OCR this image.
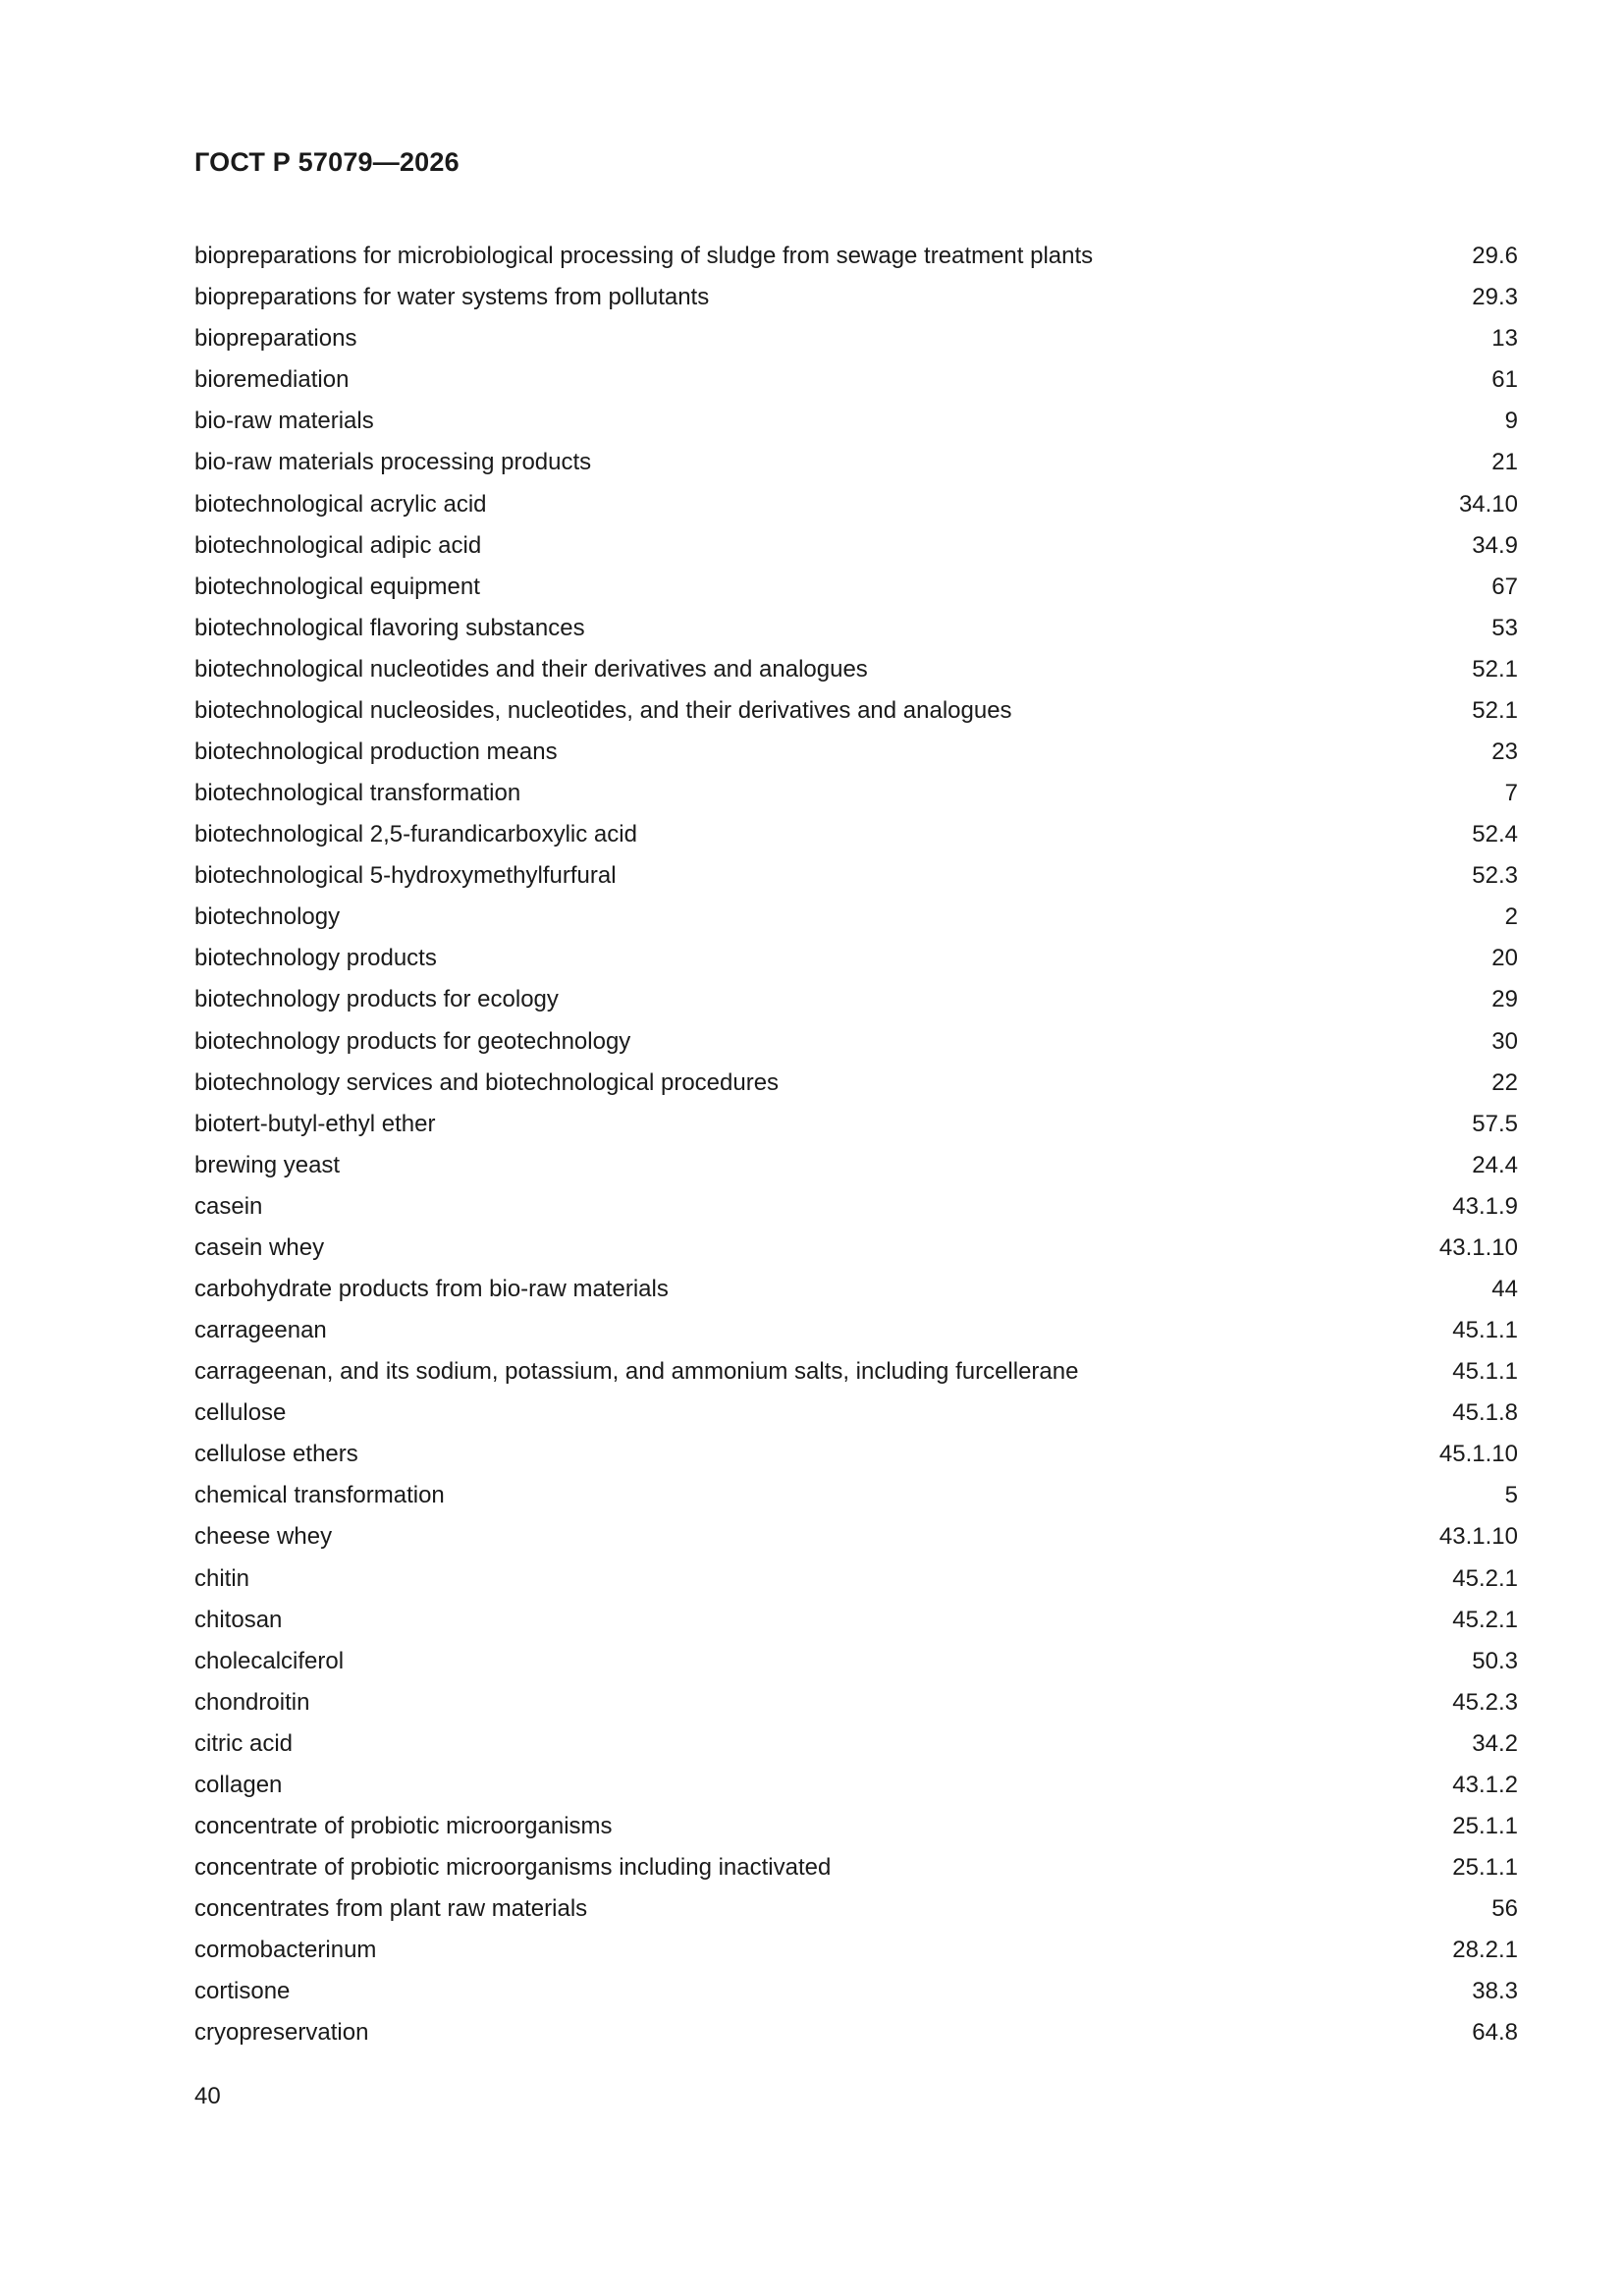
ГОСТ Р 57079—2026
biopreparations for microbiological processing of sludge from sewage treatment plants	29.6
biopreparations for water systems from pollutants	29.3
biopreparations	13
bioremediation	61
bio-raw materials	9
bio-raw materials processing products	21
biotechnological acrylic acid	34.10
biotechnological adipic acid	34.9
biotechnological equipment	67
biotechnological flavoring substances	53
biotechnological nucleotides and their derivatives and analogues	52.1
biotechnological nucleosides, nucleotides, and their derivatives and analogues	52.1
biotechnological production means	23
biotechnological transformation	7
biotechnological 2,5-furandicarboxylic acid	52.4
biotechnological 5-hydroxymethylfurfural	52.3
biotechnology	2
biotechnology products	20
biotechnology products for ecology	29
biotechnology products for geotechnology	30
biotechnology services and biotechnological procedures	22
biotert-butyl-ethyl ether	57.5
brewing yeast	24.4
casein	43.1.9
casein whey	43.1.10
carbohydrate products from bio-raw materials	44
carrageenan	45.1.1
carrageenan, and its sodium, potassium, and ammonium salts, including furcellerane	45.1.1
cellulose	45.1.8
cellulose ethers	45.1.10
chemical transformation	5
cheese whey	43.1.10
chitin	45.2.1
chitosan	45.2.1
cholecalciferol	50.3
chondroitin	45.2.3
citric acid	34.2
collagen	43.1.2
concentrate of probiotic microorganisms	25.1.1
concentrate of probiotic microorganisms including inactivated	25.1.1
concentrates from plant raw materials	56
cormobacterinum	28.2.1
cortisone	38.3
cryopreservation	64.8
40
